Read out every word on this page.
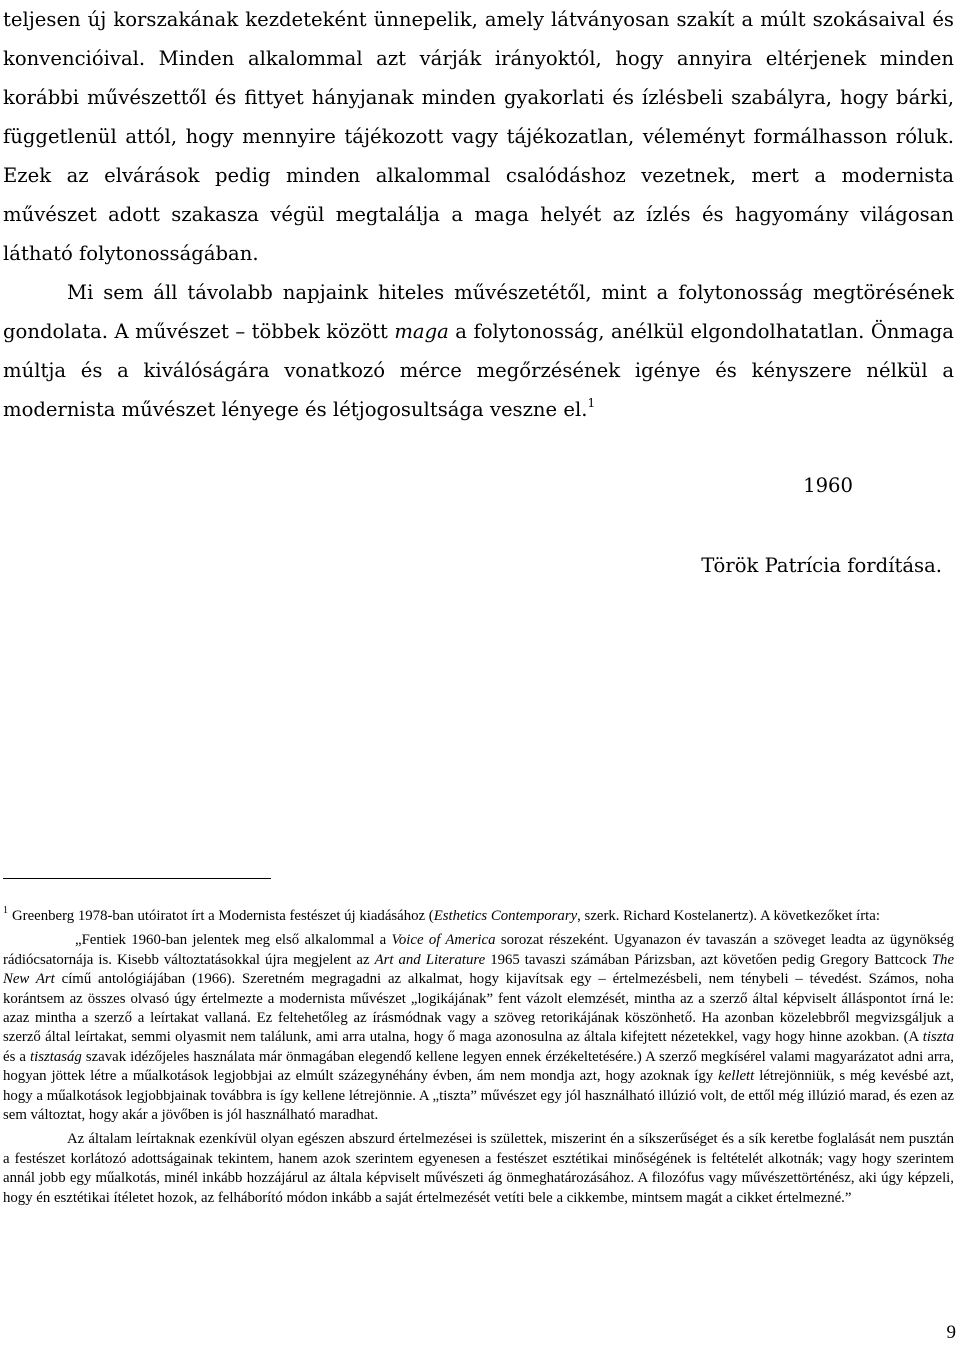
teljesen új korszakának kezdeteként ünnepelik, amely látványosan szakít a múlt szokásaival és konvencióival. Minden alkalommal azt várják irányoktól, hogy annyira eltérjenek minden korábbi művészettől és fittyet hányjanak minden gyakorlati és ízlésbeli szabályra, hogy bárki, függetlenül attól, hogy mennyire tájékozott vagy tájékozatlan, véleményt formálhasson róluk. Ezek az elvárások pedig minden alkalommal csalódáshoz vezetnek, mert a modernista művészet adott szakasza végül megtalálja a maga helyét az ízlés és hagyomány világosan látható folytonosságában.

Mi sem áll távolabb napjaink hiteles művészetétől, mint a folytonosság megtörésének gondolata. A művészet – többek között maga a folytonosság, anélkül elgondolhatatlan. Önmaga múltja és a kiválóságára vonatkozó mérce megőrzésének igénye és kényszere nélkül a modernista művészet lényege és létjogosultsága veszne el.$^1$

1960
Török Patrícia fordítása.

$^1$ Greenberg 1978-ban utóiratot írt a Modernista festészet új kiadásához (Esthetics Contemporary, szerk. Richard Kostelanertz). A következőket írta:

„Fentiek 1960-ban jelentek meg első alkalommal a Voice of America sorozat részeként. Ugyanazon év tavaszán a szöveget leadta az ügynökség rádiócsatornája is. Kisebb változtatásokkal újra megjelent az Art and Literature 1965 tavaszi számában Párizsban, azt követően pedig Gregory Battcock The New Art című antológiájában (1966). Szeretném megragadni az alkalmat, hogy kijavítsak egy – értelmezésbeli, nem ténybeli – tévedést. Számos, noha korántsem az összes olvasó úgy értelmezte a modernista művészet „logikájának” fent vázolt elemzését, mintha az a szerző által képviselt álláspontot írná le: azaz mintha a szerző a leírtakat vallaná. Ez feltehetőleg az írásmódnak vagy a szöveg retorikájának köszönhető. Ha azonban közelebbről megvizsgáljuk a szerző által leírtakat, semmi olyasmit nem találunk, ami arra utalna, hogy ő maga azonosulna az általa kifejtett nézetekkel, vagy hogy hinne azokban. (A tiszta és a tisztaság szavak idézőjeles használata már önmagában elegendő kellene legyen ennek érzékeltetésére.) A szerző megkísérel valami magyarázatot adni arra, hogyan jöttek létre a műalkotások legjobbjai az elmúlt százegynéhány évben, ám nem mondja azt, hogy azoknak így kellett létrejönniük, s még kevésbé azt, hogy a műalkotások legjobbjainak továbbra is így kellene létrejönnie. A „tiszta” művészet egy jól használható illúzió volt, de ettől még illúzió marad, és ezen az sem változtat, hogy akár a jövőben is jól használható maradhat.

Az általam leírtaknak ezenkívül olyan egészen abszurd értelmezései is születtek, miszerint én a síkszerűséget és a sík keretbe foglalását nem pusztán a festészet korlátozó adottságainak tekintem, hanem azok szerintem egyenesen a festészet esztétikai minőségének is feltételét alkotnák; vagy hogy szerintem annál jobb egy műalkotás, minél inkább hozzájárul az általa képviselt művészeti ág önmeghatározásához. A filozófus vagy művészettörténész, aki úgy képzeli, hogy én esztétikai ítéletet hozok, az felháborító módon inkább a saját értelmezését vetíti bele a cikkembe, mintsem magát a cikket értelmezné.”

9
